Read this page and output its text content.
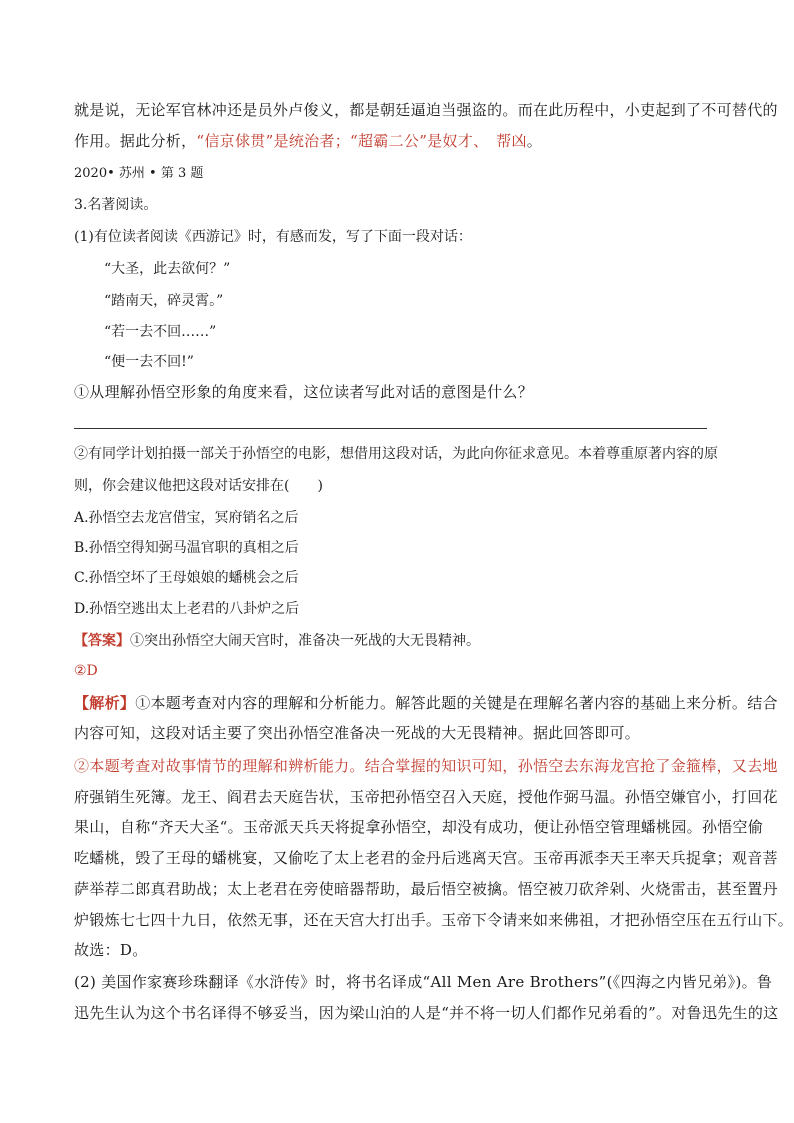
就是说，无论军官林冲还是员外卢俊义，都是朝廷逼迫当强盗的。而在此历程中，小吏起到了不可替代的
作用。据此分析，“信京俅贯”是统治者；“超霸二公”是奴才、　帮凶。
2020• 苏州 • 第 3 题
3.名著阅读。
(1)有位读者阅读《西游记》时，有感而发，写了下面一段对话：
“大圣，此去欲何？”
“踏南天，碎灵霄。”
“若一去不回……”
“便一去不回!”
①从理解孙悟空形象的角度来看，这位读者写此对话的意图是什么？
②有同学计划拍摄一部关于孙悟空的电影，想借用这段对话，为此向你征求意见。本着尊重原著内容的原
则，你会建议他把这段对话安排在(　　)
A.孙悟空去龙宫借宝，冥府销名之后
B.孙悟空得知弼马温官职的真相之后
C.孙悟空坏了王母娘娘的蟠桃会之后
D.孙悟空逃出太上老君的八卦炉之后
【答案】①突出孙悟空大闹天宫时，准备决一死战的大无畏精神。
②D
【解析】①本题考查对内容的理解和分析能力。解答此题的关键是在理解名著内容的基础上来分析。结合
内容可知，这段对话主要了突出孙悟空准备决一死战的大无畏精神。据此回答即可。
②本题考查对故事情节的理解和辨析能力。结合掌握的知识可知，孙悟空去东海龙宫抢了金箍棒，又去地
府强销生死簿。龙王、阎君去天庭告状，玉帝把孙悟空召入天庭，授他作弼马温。孙悟空嫌官小，打回花
果山，自称“齐天大圣“。玉帝派天兵天将捉拿孙悟空，却没有成功，便让孙悟空管理蟠桃园。孙悟空偷
吃蟠桃，毁了王母的蟠桃宴，又偷吃了太上老君的金丹后逃离天宫。玉帝再派李天王率天兵捉拿；观音菩
萨举荐二郎真君助战；太上老君在旁使暗器帮助，最后悟空被擒。悟空被刀砍斧剁、火烧雷击，甚至置丹
炉锻炼七七四十九日，依然无事，还在天宫大打出手。玉帝下令请来如来佛祖，才把孙悟空压在五行山下。
故选：D。
(2) 美国作家赛珍珠翻译《水浒传》时，将书名译成“All Men Are Brothers”(《四海之内皆兄弟》)。鲁
迅先生认为这个书名译得不够妥当，因为梁山泊的人是“并不将一切人们都作兄弟看的”。对鲁迅先生的这
